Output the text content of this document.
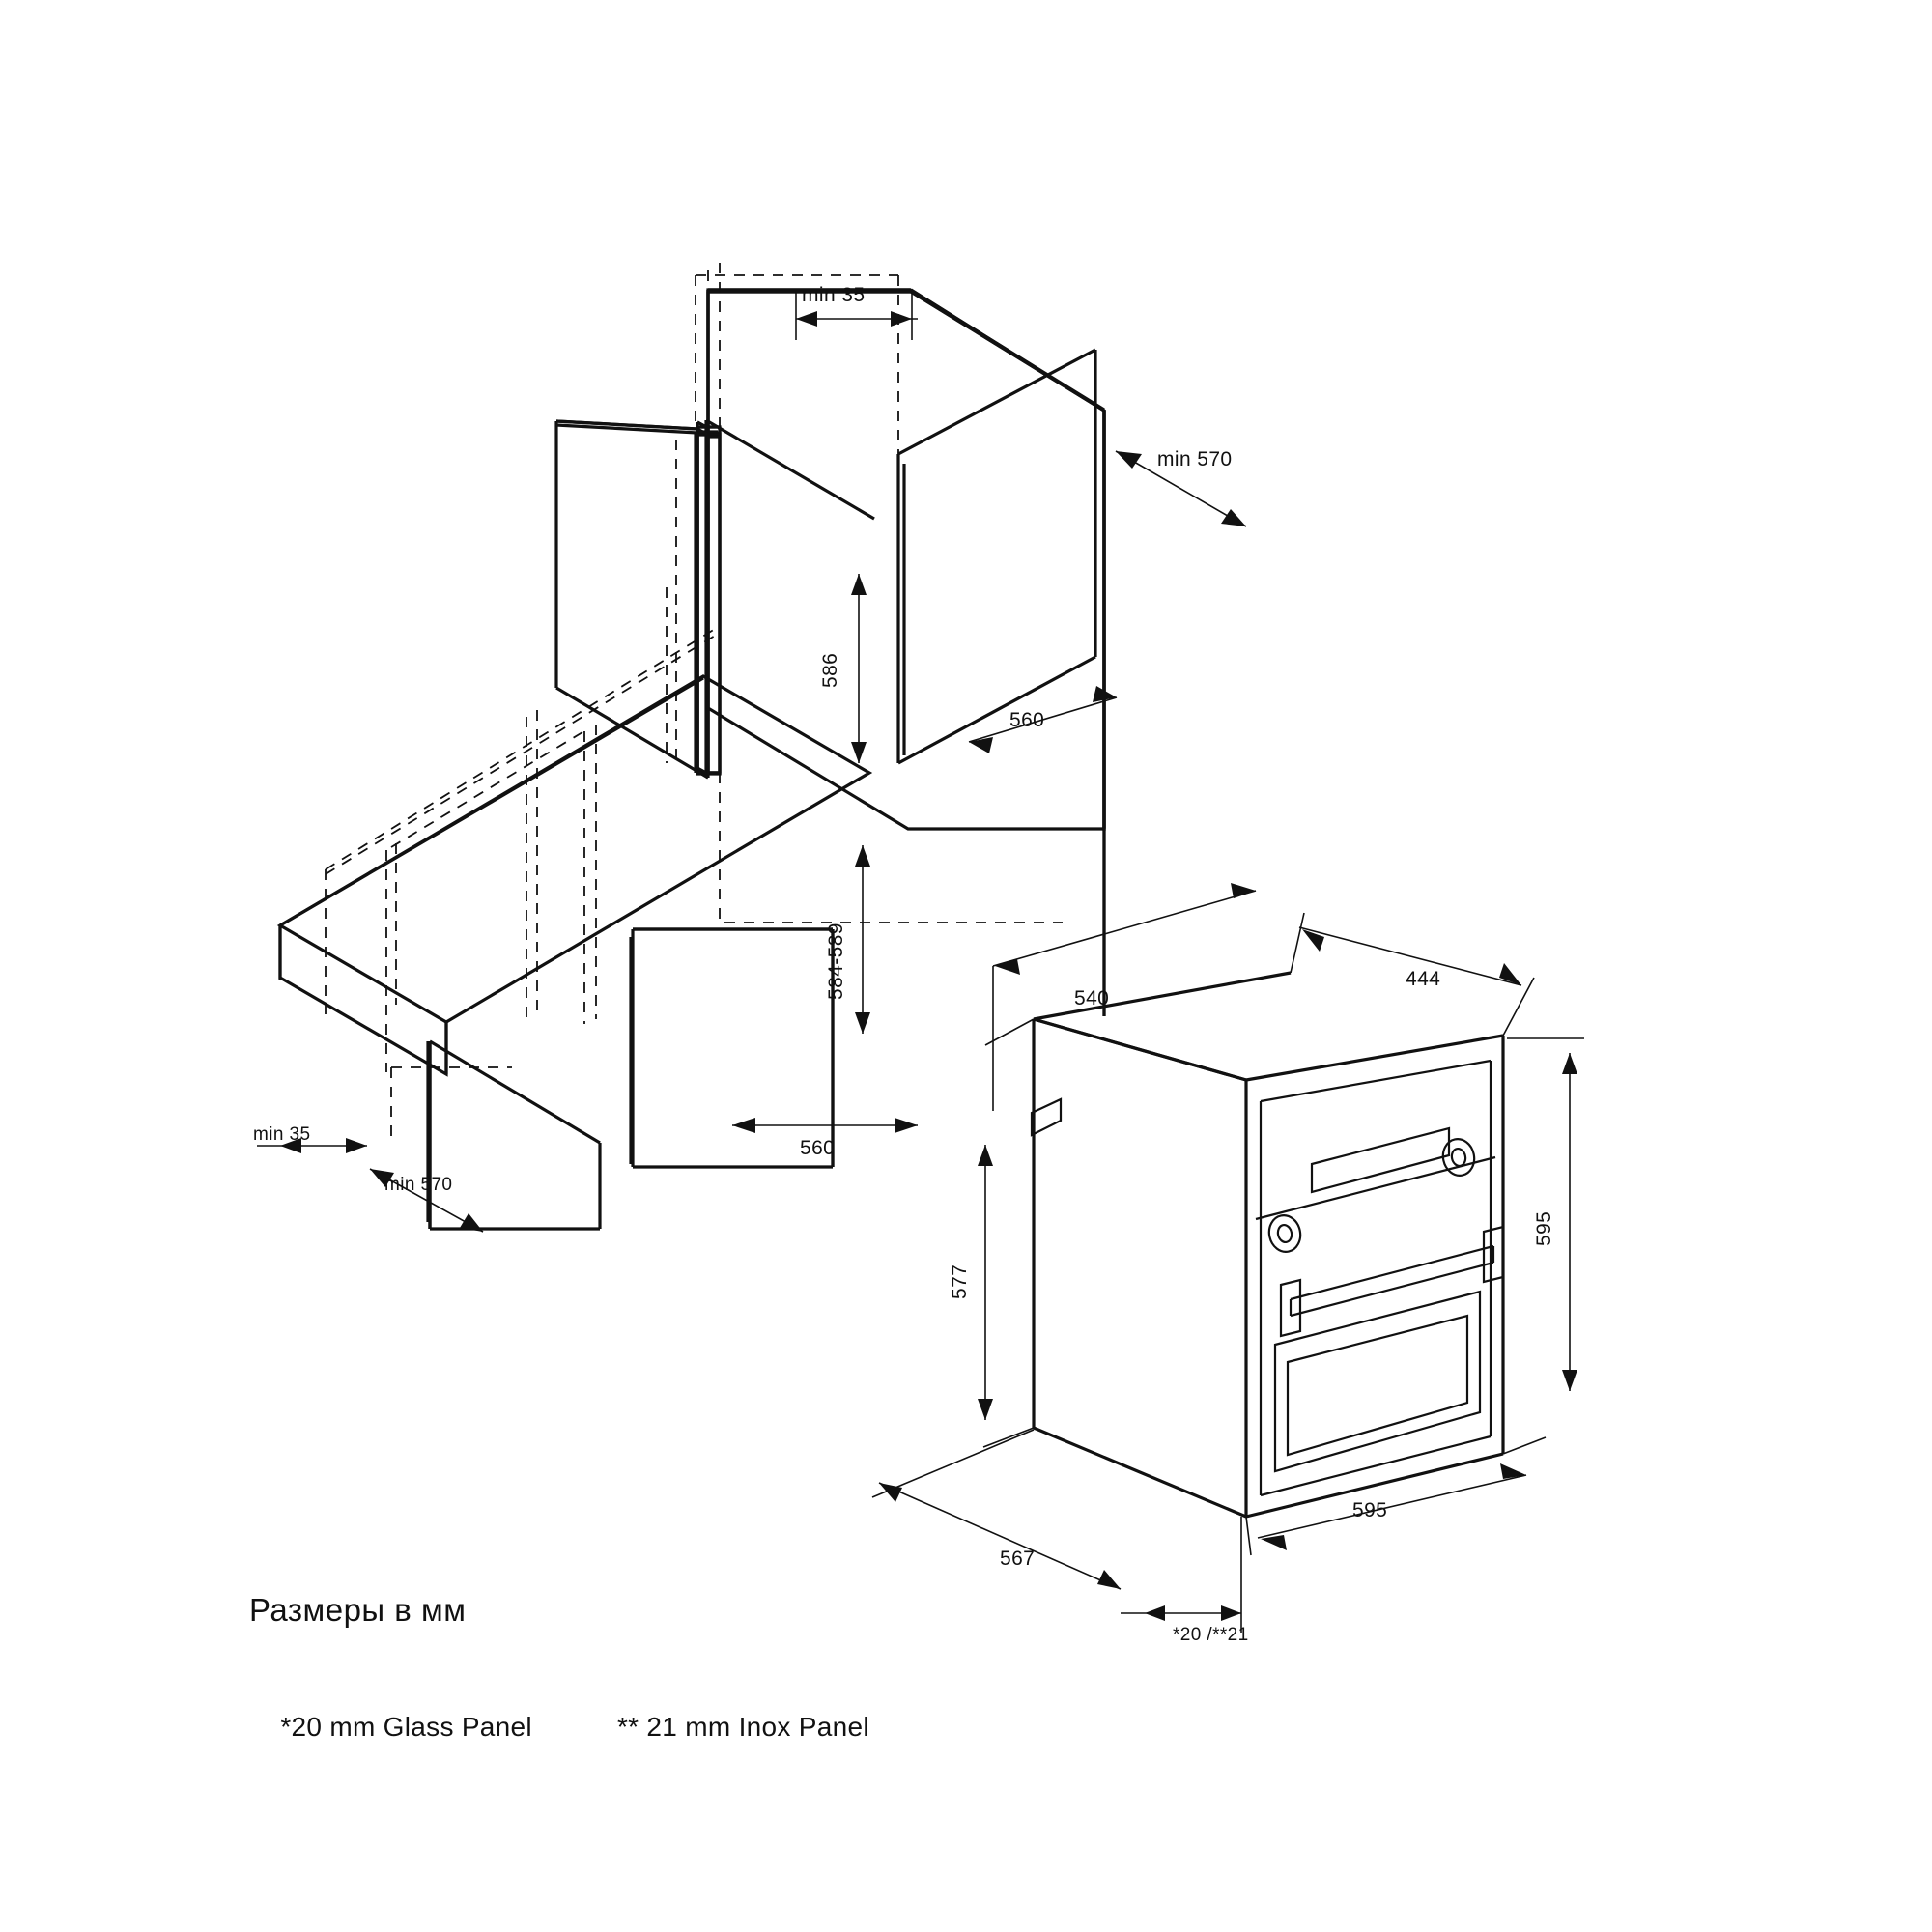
min 35
min 570
586
560
584-589
560
min 35
min 570
540
444
595
577
595
567
*20 /**21
Размеры в мм

*20 mm Glass Panel	** 21 mm Inox Panel
